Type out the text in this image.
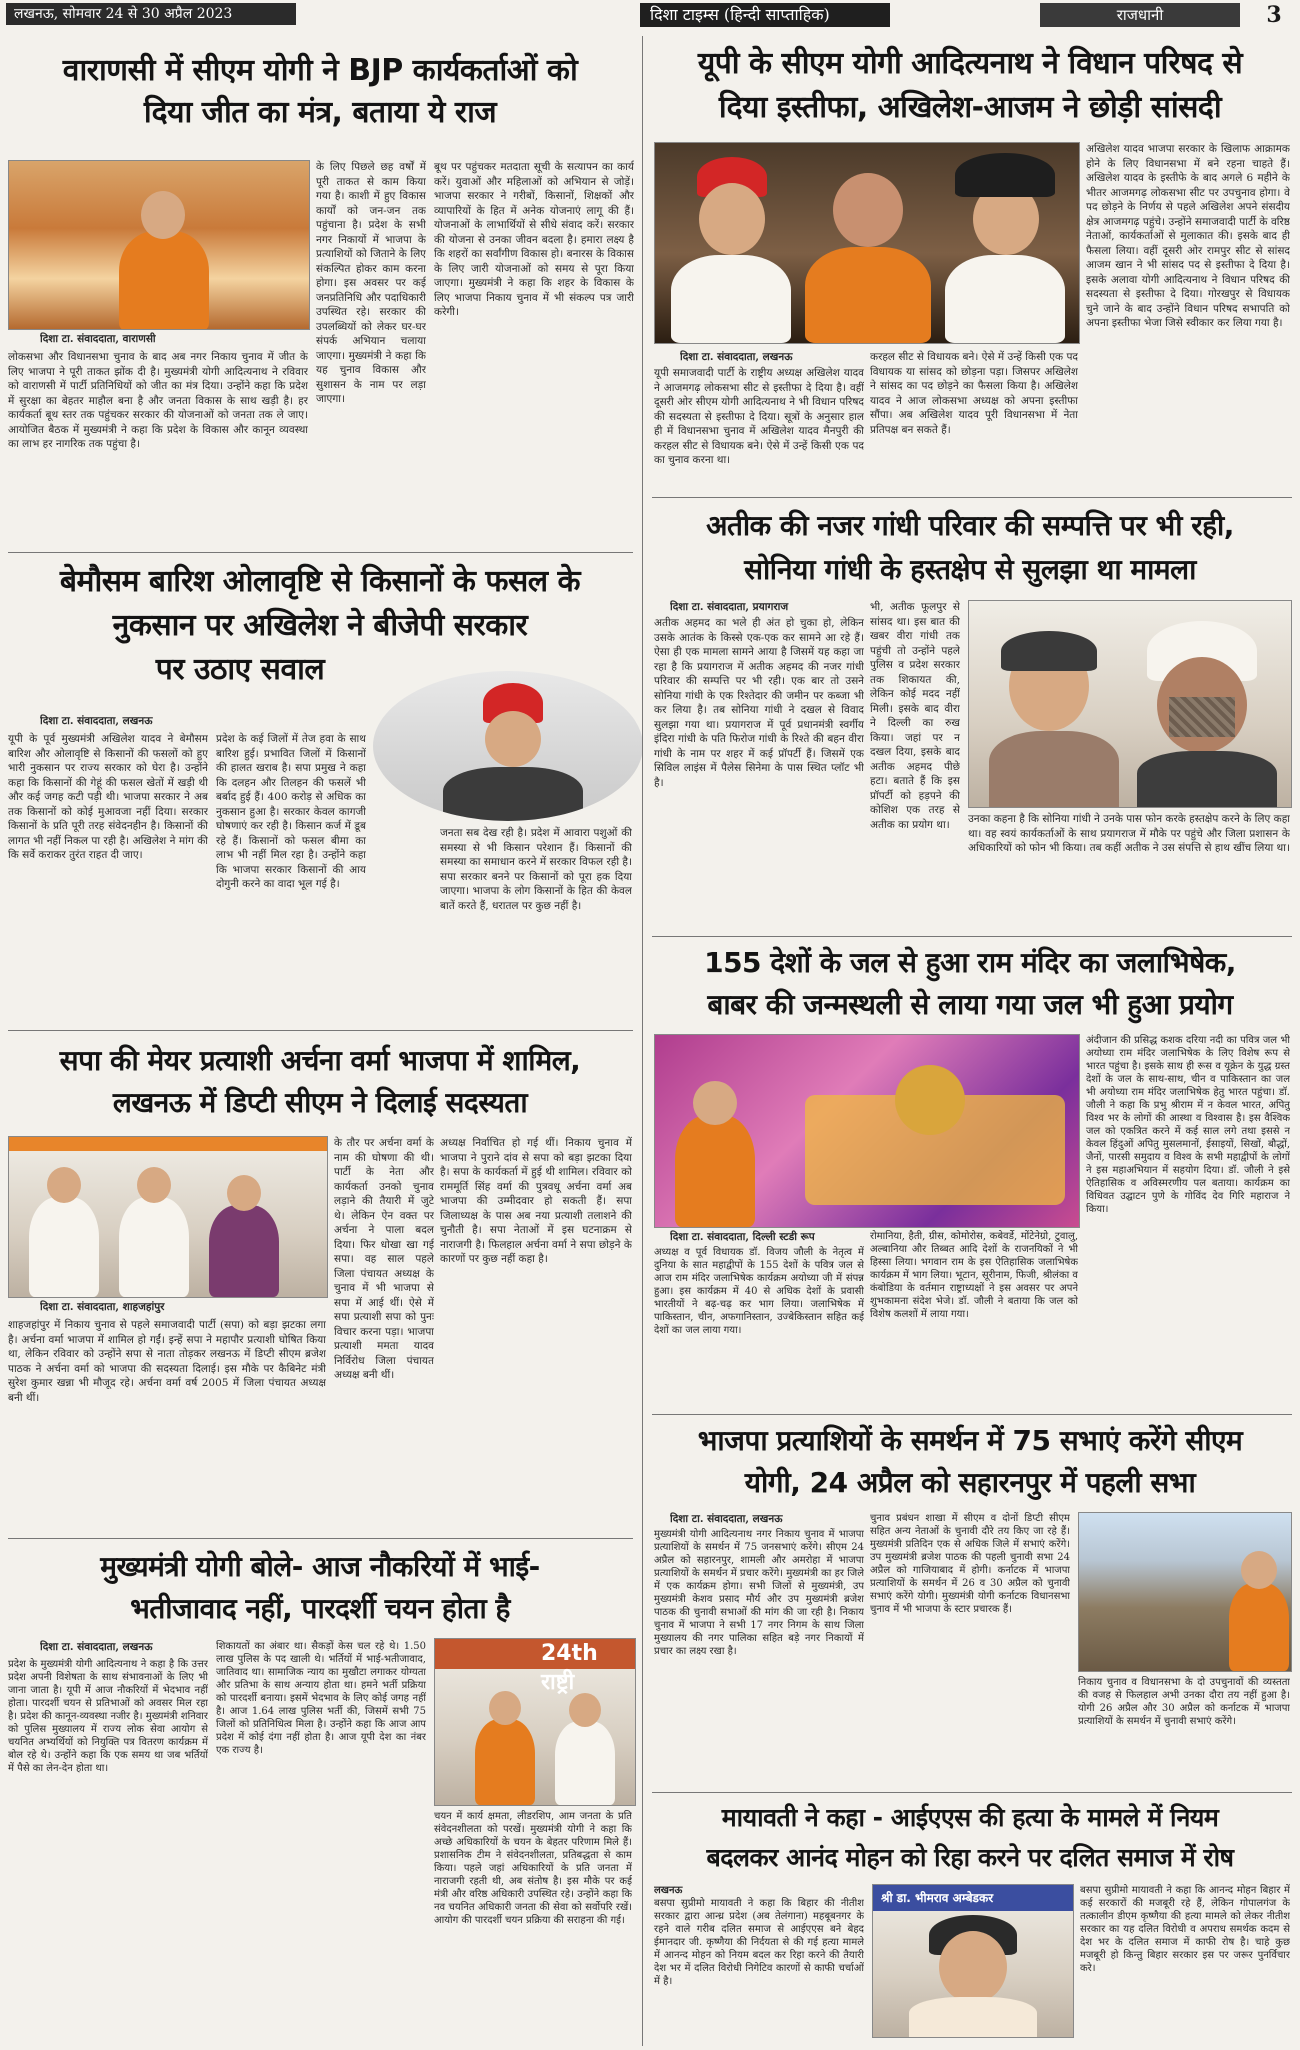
लखनऊ, सोमवार 24 से 30 अप्रैल 2023	दिशा टाइम्स (हिन्दी साप्ताहिक)	राजधानी	3
वाराणसी में सीएम योगी ने BJP कार्यकर्ताओं को
दिया जीत का मंत्र, बताया ये राज
दिशा टा. संवाददाता, वाराणसी
लोकसभा और विधानसभा चुनाव के बाद अब नगर निकाय चुनाव में जीत के लिए भाजपा ने पूरी ताकत झोंक दी है। मुख्यमंत्री योगी आदित्यनाथ ने रविवार को वाराणसी में पार्टी प्रतिनिधियों को जीत का मंत्र दिया। उन्होंने कहा कि प्रदेश में सुरक्षा का बेहतर माहौल बना है और जनता विकास के साथ खड़ी है। हर कार्यकर्ता बूथ स्तर तक पहुंचकर सरकार की योजनाओं को जनता तक ले जाए। आयोजित बैठक में मुख्यमंत्री ने कहा कि प्रदेश के विकास और कानून व्यवस्था का लाभ हर नागरिक तक पहुंचा है।
के लिए पिछले छह वर्षों में पूरी ताकत से काम किया गया है। काशी में हुए विकास कार्यों को जन-जन तक पहुंचाना है। प्रदेश के सभी नगर निकायों में भाजपा के प्रत्याशियों को जिताने के लिए संकल्पित होकर काम करना होगा। इस अवसर पर कई जनप्रतिनिधि और पदाधिकारी उपस्थित रहे। सरकार की उपलब्धियों को लेकर घर-घर संपर्क अभियान चलाया जाएगा। मुख्यमंत्री ने कहा कि यह चुनाव विकास और सुशासन के नाम पर लड़ा जाएगा।
बूथ पर पहुंचकर मतदाता सूची के सत्यापन का कार्य करें। युवाओं और महिलाओं को अभियान से जोड़ें। भाजपा सरकार ने गरीबों, किसानों, शिक्षकों और व्यापारियों के हित में अनेक योजनाएं लागू की हैं। योजनाओं के लाभार्थियों से सीधे संवाद करें। सरकार की योजना से उनका जीवन बदला है। हमारा लक्ष्य है कि शहरों का सर्वांगीण विकास हो। बनारस के विकास के लिए जारी योजनाओं को समय से पूरा किया जाएगा। मुख्यमंत्री ने कहा कि शहर के विकास के लिए भाजपा निकाय चुनाव में भी संकल्प पत्र जारी करेगी।
बेमौसम बारिश ओलावृष्टि से किसानों के फसल के
नुकसान पर अखिलेश ने बीजेपी सरकार
पर उठाए सवाल
दिशा टा. संवाददाता, लखनऊ
यूपी के पूर्व मुख्यमंत्री अखिलेश यादव ने बेमौसम बारिश और ओलावृष्टि से किसानों की फसलों को हुए भारी नुकसान पर राज्य सरकार को घेरा है। उन्होंने कहा कि किसानों की गेहूं की फसल खेतों में खड़ी थी और कई जगह कटी पड़ी थी। भाजपा सरकार ने अब तक किसानों को कोई मुआवजा नहीं दिया। सरकार किसानों के प्रति पूरी तरह संवेदनहीन है। किसानों की लागत भी नहीं निकल पा रही है। अखिलेश ने मांग की कि सर्वे कराकर तुरंत राहत दी जाए।
प्रदेश के कई जिलों में तेज हवा के साथ बारिश हुई। प्रभावित जिलों में किसानों की हालत खराब है। सपा प्रमुख ने कहा कि दलहन और तिलहन की फसलें भी बर्बाद हुई हैं। 400 करोड़ से अधिक का नुकसान हुआ है। सरकार केवल कागजी घोषणाएं कर रही है। किसान कर्ज में डूब रहे हैं। किसानों को फसल बीमा का लाभ भी नहीं मिल रहा है। उन्होंने कहा कि भाजपा सरकार किसानों की आय दोगुनी करने का वादा भूल गई है।
जनता सब देख रही है। प्रदेश में आवारा पशुओं की समस्या से भी किसान परेशान हैं। किसानों की समस्या का समाधान करने में सरकार विफल रही है। सपा सरकार बनने पर किसानों को पूरा हक दिया जाएगा। भाजपा के लोग किसानों के हित की केवल बातें करते हैं, धरातल पर कुछ नहीं है।
सपा की मेयर प्रत्याशी अर्चना वर्मा भाजपा में शामिल,
लखनऊ में डिप्टी सीएम ने दिलाई सदस्यता
दिशा टा. संवाददाता, शाहजहांपुर
शाहजहांपुर में निकाय चुनाव से पहले समाजवादी पार्टी (सपा) को बड़ा झटका लगा है। अर्चना वर्मा भाजपा में शामिल हो गईं। इन्हें सपा ने महापौर प्रत्याशी घोषित किया था, लेकिन रविवार को उन्होंने सपा से नाता तोड़कर लखनऊ में डिप्टी सीएम ब्रजेश पाठक ने अर्चना वर्मा को भाजपा की सदस्यता दिलाई। इस मौके पर कैबिनेट मंत्री सुरेश कुमार खन्ना भी मौजूद रहे। अर्चना वर्मा वर्ष 2005 में जिला पंचायत अध्यक्ष बनी थीं।
के तौर पर अर्चना वर्मा के नाम की घोषणा की थी। पार्टी के नेता और कार्यकर्ता उनको चुनाव लड़ाने की तैयारी में जुटे थे। लेकिन ऐन वक्त पर अर्चना ने पाला बदल दिया। फिर धोखा खा गई सपा। वह साल पहले जिला पंचायत अध्यक्ष के चुनाव में भी भाजपा से सपा में आई थीं। ऐसे में सपा प्रत्याशी सपा को पुनः विचार करना पड़ा। भाजपा प्रत्याशी ममता यादव निर्विरोध जिला पंचायत अध्यक्ष बनी थीं।
अध्यक्ष निर्वाचित हो गई थीं। निकाय चुनाव में भाजपा ने पुराने दांव से सपा को बड़ा झटका दिया है। सपा के कार्यकर्ता में हुई थी शामिल। रविवार को राममूर्ति सिंह वर्मा की पुत्रवधू अर्चना वर्मा अब भाजपा की उम्मीदवार हो सकती हैं। सपा जिलाध्यक्ष के पास अब नया प्रत्याशी तलाशने की चुनौती है। सपा नेताओं में इस घटनाक्रम से नाराजगी है। फिलहाल अर्चना वर्मा ने सपा छोड़ने के कारणों पर कुछ नहीं कहा है।
मुख्यमंत्री योगी बोले- आज नौकरियों में भाई-
भतीजावाद नहीं, पारदर्शी चयन होता है
दिशा टा. संवाददाता, लखनऊ
प्रदेश के मुख्यमंत्री योगी आदित्यनाथ ने कहा है कि उत्तर प्रदेश अपनी विशेषता के साथ संभावनाओं के लिए भी जाना जाता है। यूपी में आज नौकरियों में भेदभाव नहीं होता। पारदर्शी चयन से प्रतिभाओं को अवसर मिल रहा है। प्रदेश की कानून-व्यवस्था नजीर है। मुख्यमंत्री शनिवार को पुलिस मुख्यालय में राज्य लोक सेवा आयोग से चयनित अभ्यर्थियों को नियुक्ति पत्र वितरण कार्यक्रम में बोल रहे थे। उन्होंने कहा कि एक समय था जब भर्तियों में पैसे का लेन-देन होता था।
शिकायतों का अंबार था। सैकड़ों केस चल रहे थे। 1.50 लाख पुलिस के पद खाली थे। भर्तियों में भाई-भतीजावाद, जातिवाद था। सामाजिक न्याय का मुखौटा लगाकर योग्यता और प्रतिभा के साथ अन्याय होता था। हमने भर्ती प्रक्रिया को पारदर्शी बनाया। इसमें भेदभाव के लिए कोई जगह नहीं है। आज 1.64 लाख पुलिस भर्ती की, जिसमें सभी 75 जिलों को प्रतिनिधित्व मिला है। उन्होंने कहा कि आज आप प्रदेश में कोई दंगा नहीं होता है। आज यूपी देश का नंबर एक राज्य है।
24th राष्ट्री
चयन में कार्य क्षमता, लीडरशिप, आम जनता के प्रति संवेदनशीलता को परखें। मुख्यमंत्री योगी ने कहा कि अच्छे अधिकारियों के चयन के बेहतर परिणाम मिले हैं। प्रशासनिक टीम ने संवेदनशीलता, प्रतिबद्धता से काम किया। पहले जहां अधिकारियों के प्रति जनता में नाराजगी रहती थी, अब संतोष है। इस मौके पर कई मंत्री और वरिष्ठ अधिकारी उपस्थित रहे। उन्होंने कहा कि नव चयनित अधिकारी जनता की सेवा को सर्वोपरि रखें। आयोग की पारदर्शी चयन प्रक्रिया की सराहना की गई।
यूपी के सीएम योगी आदित्यनाथ ने विधान परिषद से
दिया इस्तीफा, अखिलेश-आजम ने छोड़ी सांसदी
दिशा टा. संवाददाता, लखनऊ
यूपी समाजवादी पार्टी के राष्ट्रीय अध्यक्ष अखिलेश यादव ने आजमगढ़ लोकसभा सीट से इस्तीफा दे दिया है। वहीं दूसरी ओर सीएम योगी आदित्यनाथ ने भी विधान परिषद की सदस्यता से इस्तीफा दे दिया। सूत्रों के अनुसार हाल ही में विधानसभा चुनाव में अखिलेश यादव मैनपुरी की करहल सीट से विधायक बने। ऐसे में उन्हें किसी एक पद का चुनाव करना था।
करहल सीट से विधायक बने। ऐसे में उन्हें किसी एक पद विधायक या सांसद को छोड़ना पड़ा। जिसपर अखिलेश ने सांसद का पद छोड़ने का फैसला किया है। अखिलेश यादव ने आज लोकसभा अध्यक्ष को अपना इस्तीफा सौंपा। अब अखिलेश यादव पूरी विधानसभा में नेता प्रतिपक्ष बन सकते हैं।
अखिलेश यादव भाजपा सरकार के खिलाफ आक्रामक होने के लिए विधानसभा में बने रहना चाहते हैं। अखिलेश यादव के इस्तीफे के बाद अगले 6 महीने के भीतर आजमगढ़ लोकसभा सीट पर उपचुनाव होगा। वे पद छोड़ने के निर्णय से पहले अखिलेश अपने संसदीय क्षेत्र आजमगढ़ पहुंचे। उन्होंने समाजवादी पार्टी के वरिष्ठ नेताओं, कार्यकर्ताओं से मुलाकात की। इसके बाद ही फैसला लिया। वहीं दूसरी ओर रामपुर सीट से सांसद आजम खान ने भी सांसद पद से इस्तीफा दे दिया है। इसके अलावा योगी आदित्यनाथ ने विधान परिषद की सदस्यता से इस्तीफा दे दिया। गोरखपुर से विधायक चुने जाने के बाद उन्होंने विधान परिषद सभापति को अपना इस्तीफा भेजा जिसे स्वीकार कर लिया गया है।
अतीक की नजर गांधी परिवार की सम्पत्ति पर भी रही,
सोनिया गांधी के हस्तक्षेप से सुलझा था मामला
दिशा टा. संवाददाता, प्रयागराज
अतीक अहमद का भले ही अंत हो चुका हो, लेकिन उसके आतंक के किस्से एक-एक कर सामने आ रहे हैं। ऐसा ही एक मामला सामने आया है जिसमें यह कहा जा रहा है कि प्रयागराज में अतीक अहमद की नजर गांधी परिवार की सम्पत्ति पर भी रही। एक बार तो उसने सोनिया गांधी के एक रिश्तेदार की जमीन पर कब्जा भी कर लिया है। तब सोनिया गांधी ने दखल से विवाद सुलझा गया था। प्रयागराज में पूर्व प्रधानमंत्री स्वर्गीय इंदिरा गांधी के पति फिरोज गांधी के रिश्ते की बहन वीरा गांधी के नाम पर शहर में कई प्रॉपर्टी हैं। जिसमें एक सिविल लाइंस में पैलेस सिनेमा के पास स्थित प्लॉट भी है।
भी, अतीक फूलपुर से सांसद था। इस बात की खबर वीरा गांधी तक पहुंची तो उन्होंने पहले पुलिस व प्रदेश सरकार तक शिकायत की, लेकिन कोई मदद नहीं मिली। इसके बाद वीरा ने दिल्ली का रुख किया। जहां पर न दखल दिया, इसके बाद अतीक अहमद पीछे हटा। बताते हैं कि इस प्रॉपर्टी को हड़पने की कोशिश एक तरह से अतीक का प्रयोग था।	उनका कहना है कि सोनिया गांधी ने उनके पास फोन करके हस्तक्षेप करने के लिए कहा था। वह स्वयं कार्यकर्ताओं के साथ प्रयागराज में मौके पर पहुंचे और जिला प्रशासन के अधिकारियों को फोन भी किया। तब कहीं अतीक ने उस संपत्ति से हाथ खींच लिया था।
155 देशों के जल से हुआ राम मंदिर का जलाभिषेक,
बाबर की जन्मस्थली से लाया गया जल भी हुआ प्रयोग
दिशा टा. संवाददाता, दिल्ली स्टडी रूप
अध्यक्ष व पूर्व विधायक डॉ. विजय जौली के नेतृत्व में दुनिया के सात महाद्वीपों के 155 देशों के पवित्र जल से आज राम मंदिर जलाभिषेक कार्यक्रम अयोध्या जी में संपन्न हुआ। इस कार्यक्रम में 40 से अधिक देशों के प्रवासी भारतीयों ने बढ़-चढ़ कर भाग लिया। जलाभिषेक में पाकिस्तान, चीन, अफगानिस्तान, उज्बेकिस्तान सहित कई देशों का जल लाया गया।
रोमानिया, हैती, ग्रीस, कोमोरोस, कबेवर्डे, मोंटेनेग्रो, टुवालु, अल्बानिया और तिब्बत आदि देशों के राजनयिकों ने भी हिस्सा लिया। भगवान राम के इस ऐतिहासिक जलाभिषेक कार्यक्रम में भाग लिया। भूटान, सूरीनाम, फिजी, श्रीलंका व कंबोडिया के वर्तमान राष्ट्राध्यक्षों ने इस अवसर पर अपने शुभकामना संदेश भेजे। डॉ. जौली ने बताया कि जल को विशेष कलशों में लाया गया।
अंदीजान की प्रसिद्ध कशक दरिया नदी का पवित्र जल भी अयोध्या राम मंदिर जलाभिषेक के लिए विशेष रूप से भारत पहुंचा है। इसके साथ ही रूस व यूक्रेन के युद्ध ग्रस्त देशों के जल के साथ-साथ, चीन व पाकिस्तान का जल भी अयोध्या राम मंदिर जलाभिषेक हेतु भारत पहुंचा। डॉ. जौली ने कहा कि प्रभु श्रीराम में न केवल भारत, अपितु विश्व भर के लोगों की आस्था व विश्वास है। इस वैश्विक जल को एकत्रित करने में कई साल लगे तथा इससे न केवल हिंदुओं अपितु मुसलमानों, ईसाइयों, सिखों, बौद्धों, जैनों, पारसी समुदाय व विश्व के सभी महाद्वीपों के लोगों ने इस महाअभियान में सहयोग दिया। डॉ. जौली ने इसे ऐतिहासिक व अविस्मरणीय पल बताया। कार्यक्रम का विधिवत उद्घाटन पुणे के गोविंद देव गिरि महाराज ने किया।
भाजपा प्रत्याशियों के समर्थन में 75 सभाएं करेंगे सीएम
योगी, 24 अप्रैल को सहारनपुर में पहली सभा
दिशा टा. संवाददाता, लखनऊ
मुख्यमंत्री योगी आदित्यनाथ नगर निकाय चुनाव में भाजपा प्रत्याशियों के समर्थन में 75 जनसभाएं करेंगे। सीएम 24 अप्रैल को सहारनपुर, शामली और अमरोहा में भाजपा प्रत्याशियों के समर्थन में प्रचार करेंगे। मुख्यमंत्री का हर जिले में एक कार्यक्रम होगा। सभी जिलों से मुख्यमंत्री, उप मुख्यमंत्री केशव प्रसाद मौर्य और उप मुख्यमंत्री ब्रजेश पाठक की चुनावी सभाओं की मांग की जा रही है। निकाय चुनाव में भाजपा ने सभी 17 नगर निगम के साथ जिला मुख्यालय की नगर पालिका सहित बड़े नगर निकायों में प्रचार का लक्ष्य रखा है।
चुनाव प्रबंधन शाखा में सीएम व दोनों डिप्टी सीएम सहित अन्य नेताओं के चुनावी दौरे तय किए जा रहे हैं। मुख्यमंत्री प्रतिदिन एक से अधिक जिले में सभाएं करेंगे। उप मुख्यमंत्री ब्रजेश पाठक की पहली चुनावी सभा 24 अप्रैल को गाजियाबाद में होगी। कर्नाटक में भाजपा प्रत्याशियों के समर्थन में 26 व 30 अप्रैल को चुनावी सभाएं करेंगे योगी। मुख्यमंत्री योगी कर्नाटक विधानसभा चुनाव में भी भाजपा के स्टार प्रचारक हैं।
निकाय चुनाव व विधानसभा के दो उपचुनावों की व्यस्तता की वजह से फिलहाल अभी उनका दौरा तय नहीं हुआ है। योगी 26 अप्रैल और 30 अप्रैल को कर्नाटक में भाजपा प्रत्याशियों के समर्थन में चुनावी सभाएं करेंगे।
मायावती ने कहा - आईएएस की हत्या के मामले में नियम
बदलकर आनंद मोहन को रिहा करने पर दलित समाज में रोष
लखनऊ
बसपा सुप्रीमो मायावती ने कहा कि बिहार की नीतीश सरकार द्वारा आन्ध्र प्रदेश (अब तेलंगाना) महबूबनगर के रहने वाले गरीब दलित समाज से आईएएस बने बेहद ईमानदार जी. कृष्णैया की निर्दयता से की गई हत्या मामले में आनन्द मोहन को नियम बदल कर रिहा करने की तैयारी देश भर में दलित विरोधी निगेटिव कारणों से काफी चर्चाओं में है।
श्री डा. भीमराव अम्बेडकर
बसपा सुप्रीमो मायावती ने कहा कि आनन्द मोहन बिहार में कई सरकारों की मजबूरी रहे हैं, लेकिन गोपालगंज के तत्कालीन डीएम कृष्णैया की हत्या मामले को लेकर नीतीश सरकार का यह दलित विरोधी व अपराध समर्थक कदम से देश भर के दलित समाज में काफी रोष है। चाहे कुछ मजबूरी हो किन्तु बिहार सरकार इस पर जरूर पुनर्विचार करे।
